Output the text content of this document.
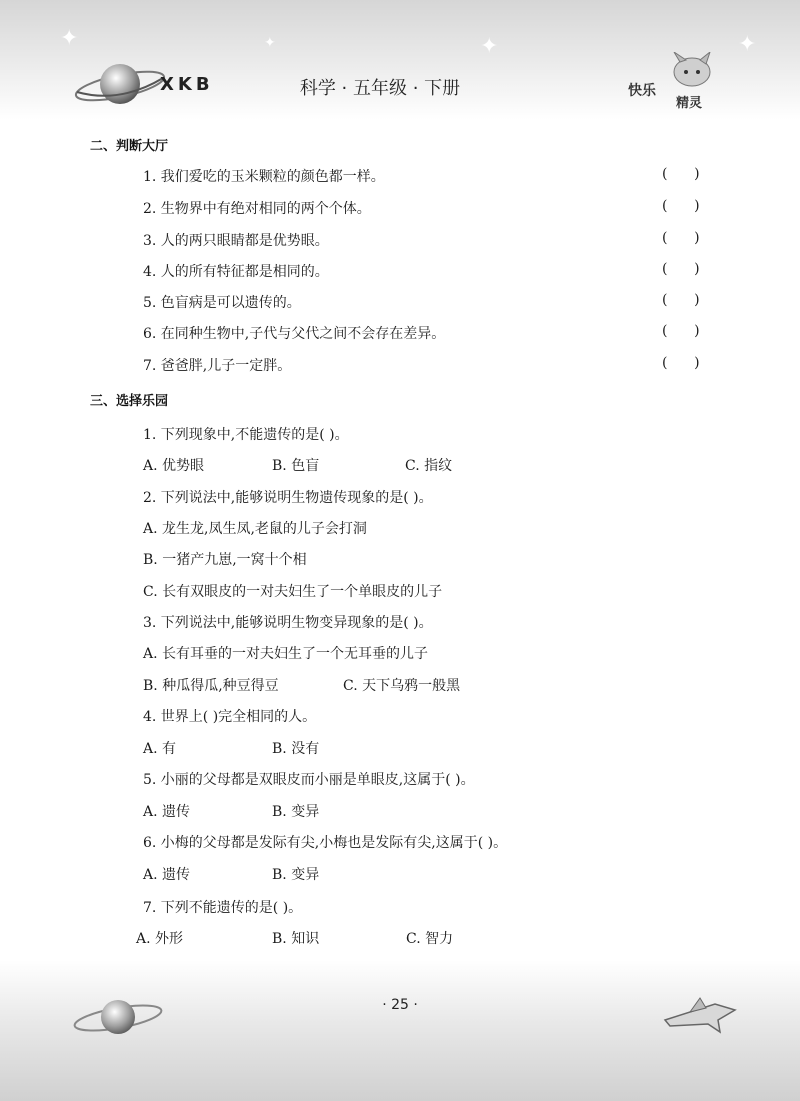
✦	✦	✦	✦
XKB	科学 · 五年级 · 下册	快乐
精灵
二、判断大厅
1. 我们爱吃的玉米颗粒的颜色都一样。	(      )
2. 生物界中有绝对相同的两个个体。	(      )
3. 人的两只眼睛都是优势眼。	(      )
4. 人的所有特征都是相同的。	(      )
5. 色盲病是可以遗传的。	(      )
6. 在同种生物中,子代与父代之间不会存在差异。	(      )
7. 爸爸胖,儿子一定胖。	(      )
三、选择乐园
1. 下列现象中,不能遗传的是( )。
A. 优势眼	B. 色盲	C. 指纹
2. 下列说法中,能够说明生物遗传现象的是( )。
A. 龙生龙,凤生凤,老鼠的儿子会打洞
B. 一猪产九崽,一窝十个相
C. 长有双眼皮的一对夫妇生了一个单眼皮的儿子
3. 下列说法中,能够说明生物变异现象的是( )。
A. 长有耳垂的一对夫妇生了一个无耳垂的儿子
B. 种瓜得瓜,种豆得豆	C. 天下乌鸦一般黑
4. 世界上( )完全相同的人。
A. 有	B. 没有
5. 小丽的父母都是双眼皮而小丽是单眼皮,这属于( )。
A. 遗传	B. 变异
6. 小梅的父母都是发际有尖,小梅也是发际有尖,这属于( )。
A. 遗传	B. 变异
7. 下列不能遗传的是( )。
A. 外形	B. 知识	C. 智力
· 25 ·
